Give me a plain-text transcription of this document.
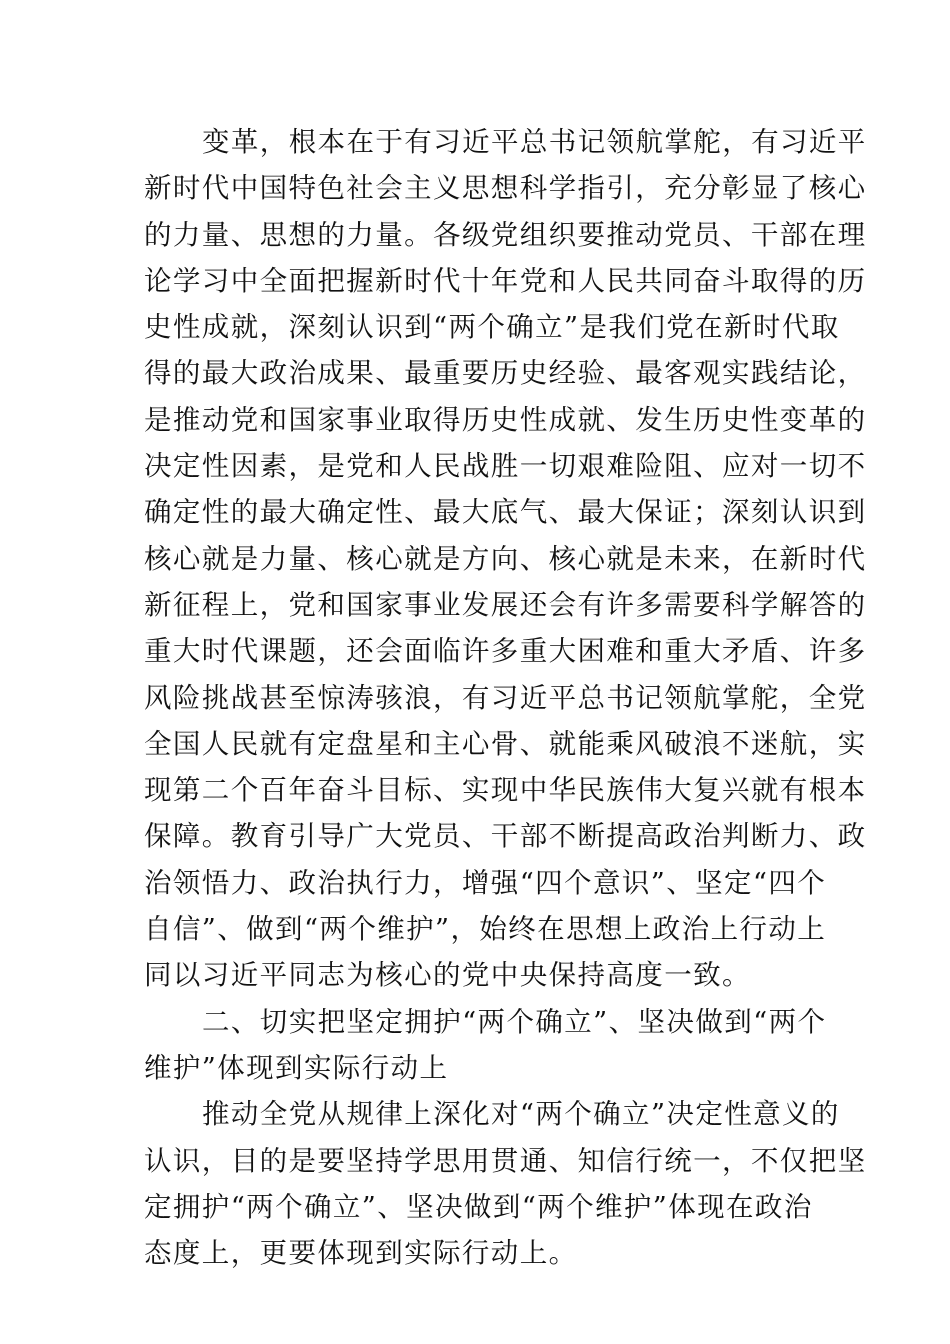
变革，根本在于有习近平总书记领航掌舵，有习近平
新时代中国特色社会主义思想科学指引，充分彰显了核心
的力量、思想的力量。各级党组织要推动党员、干部在理
论学习中全面把握新时代十年党和人民共同奋斗取得的历
史性成就，深刻认识到“两个确立”是我们党在新时代取
得的最大政治成果、最重要历史经验、最客观实践结论，
是推动党和国家事业取得历史性成就、发生历史性变革的
决定性因素，是党和人民战胜一切艰难险阻、应对一切不
确定性的最大确定性、最大底气、最大保证；深刻认识到
核心就是力量、核心就是方向、核心就是未来，在新时代
新征程上，党和国家事业发展还会有许多需要科学解答的
重大时代课题，还会面临许多重大困难和重大矛盾、许多
风险挑战甚至惊涛骇浪，有习近平总书记领航掌舵，全党
全国人民就有定盘星和主心骨、就能乘风破浪不迷航，实
现第二个百年奋斗目标、实现中华民族伟大复兴就有根本
保障。教育引导广大党员、干部不断提高政治判断力、政
治领悟力、政治执行力，增强“四个意识”、坚定“四个
自信”、做到“两个维护”，始终在思想上政治上行动上
同以习近平同志为核心的党中央保持高度一致。
二、切实把坚定拥护“两个确立”、坚决做到“两个
维护”体现到实际行动上
推动全党从规律上深化对“两个确立”决定性意义的
认识，目的是要坚持学思用贯通、知信行统一，不仅把坚
定拥护“两个确立”、坚决做到“两个维护”体现在政治
态度上，更要体现到实际行动上。
